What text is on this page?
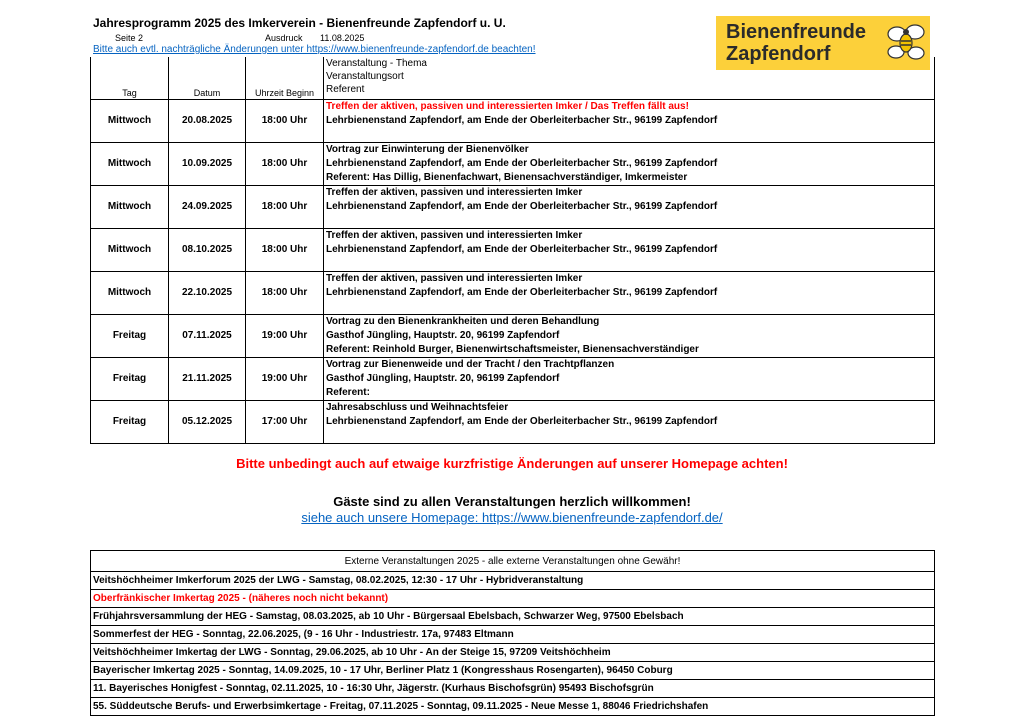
Jahresprogramm 2025 des Imkerverein - Bienenfreunde Zapfendorf u. U.
Seite 2	Ausdruck 11.08.2025
Bitte auch evtl. nachträgliche Änderungen unter https://www.bienenfreunde-zapfendorf.de beachten!
Bienenfreunde
Zapfendorf
Tag	Datum	Uhrzeit Beginn	Veranstaltung - Thema
Veranstaltungsort
Referent

Mittwoch	20.08.2025	18:00 Uhr	Treffen der aktiven, passiven und interessierten Imker / Das Treffen fällt aus!
Lehrbienenstand Zapfendorf, am Ende der Oberleiterbacher Str., 96199 Zapfendorf

Mittwoch	10.09.2025	18:00 Uhr	Vortrag zur Einwinterung der Bienenvölker
Lehrbienenstand Zapfendorf, am Ende der Oberleiterbacher Str., 96199 Zapfendorf
Referent: Has Dillig, Bienenfachwart, Bienensachverständiger, Imkermeister

Mittwoch	24.09.2025	18:00 Uhr	Treffen der aktiven, passiven und interessierten Imker
Lehrbienenstand Zapfendorf, am Ende der Oberleiterbacher Str., 96199 Zapfendorf

Mittwoch	08.10.2025	18:00 Uhr	Treffen der aktiven, passiven und interessierten Imker
Lehrbienenstand Zapfendorf, am Ende der Oberleiterbacher Str., 96199 Zapfendorf

Mittwoch	22.10.2025	18:00 Uhr	Treffen der aktiven, passiven und interessierten Imker
Lehrbienenstand Zapfendorf, am Ende der Oberleiterbacher Str., 96199 Zapfendorf

Freitag	07.11.2025	19:00 Uhr	Vortrag zu den Bienenkrankheiten und deren Behandlung
Gasthof Jüngling, Hauptstr. 20, 96199 Zapfendorf
Referent: Reinhold Burger, Bienenwirtschaftsmeister, Bienensachverständiger

Freitag	21.11.2025	19:00 Uhr	Vortrag zur Bienenweide und der Tracht / den Trachtpflanzen
Gasthof Jüngling, Hauptstr. 20, 96199 Zapfendorf
Referent:

Freitag	05.12.2025	17:00 Uhr	Jahresabschluss und Weihnachtsfeier
Lehrbienenstand Zapfendorf, am Ende der Oberleiterbacher Str., 96199 Zapfendorf
Bitte unbedingt auch auf etwaige kurzfristige Änderungen auf unserer Homepage achten!
Gäste sind zu allen Veranstaltungen herzlich willkommen!
siehe auch unsere Homepage: https://www.bienenfreunde-zapfendorf.de/
Externe Veranstaltungen 2025 - alle externe Veranstaltungen ohne Gewähr!
Veitshöchheimer Imkerforum 2025 der LWG - Samstag, 08.02.2025, 12:30 - 17 Uhr - Hybridveranstaltung
Oberfränkischer Imkertag 2025 - (näheres noch nicht bekannt)
Frühjahrsversammlung der HEG - Samstag, 08.03.2025, ab 10 Uhr - Bürgersaal Ebelsbach, Schwarzer Weg, 97500 Ebelsbach
Sommerfest der HEG - Sonntag, 22.06.2025, (9 - 16 Uhr - Industriestr. 17a, 97483 Eltmann
Veitshöchheimer Imkertag der LWG - Sonntag, 29.06.2025, ab 10 Uhr - An der Steige 15, 97209 Veitshöchheim
Bayerischer Imkertag 2025 - Sonntag, 14.09.2025, 10 - 17 Uhr, Berliner Platz 1 (Kongresshaus Rosengarten), 96450 Coburg
11. Bayerisches Honigfest - Sonntag, 02.11.2025, 10 - 16:30 Uhr, Jägerstr. (Kurhaus Bischofsgrün) 95493 Bischofsgrün
55. Süddeutsche Berufs- und Erwerbsimkertage - Freitag, 07.11.2025 - Sonntag, 09.11.2025 - Neue Messe 1, 88046 Friedrichshafen
